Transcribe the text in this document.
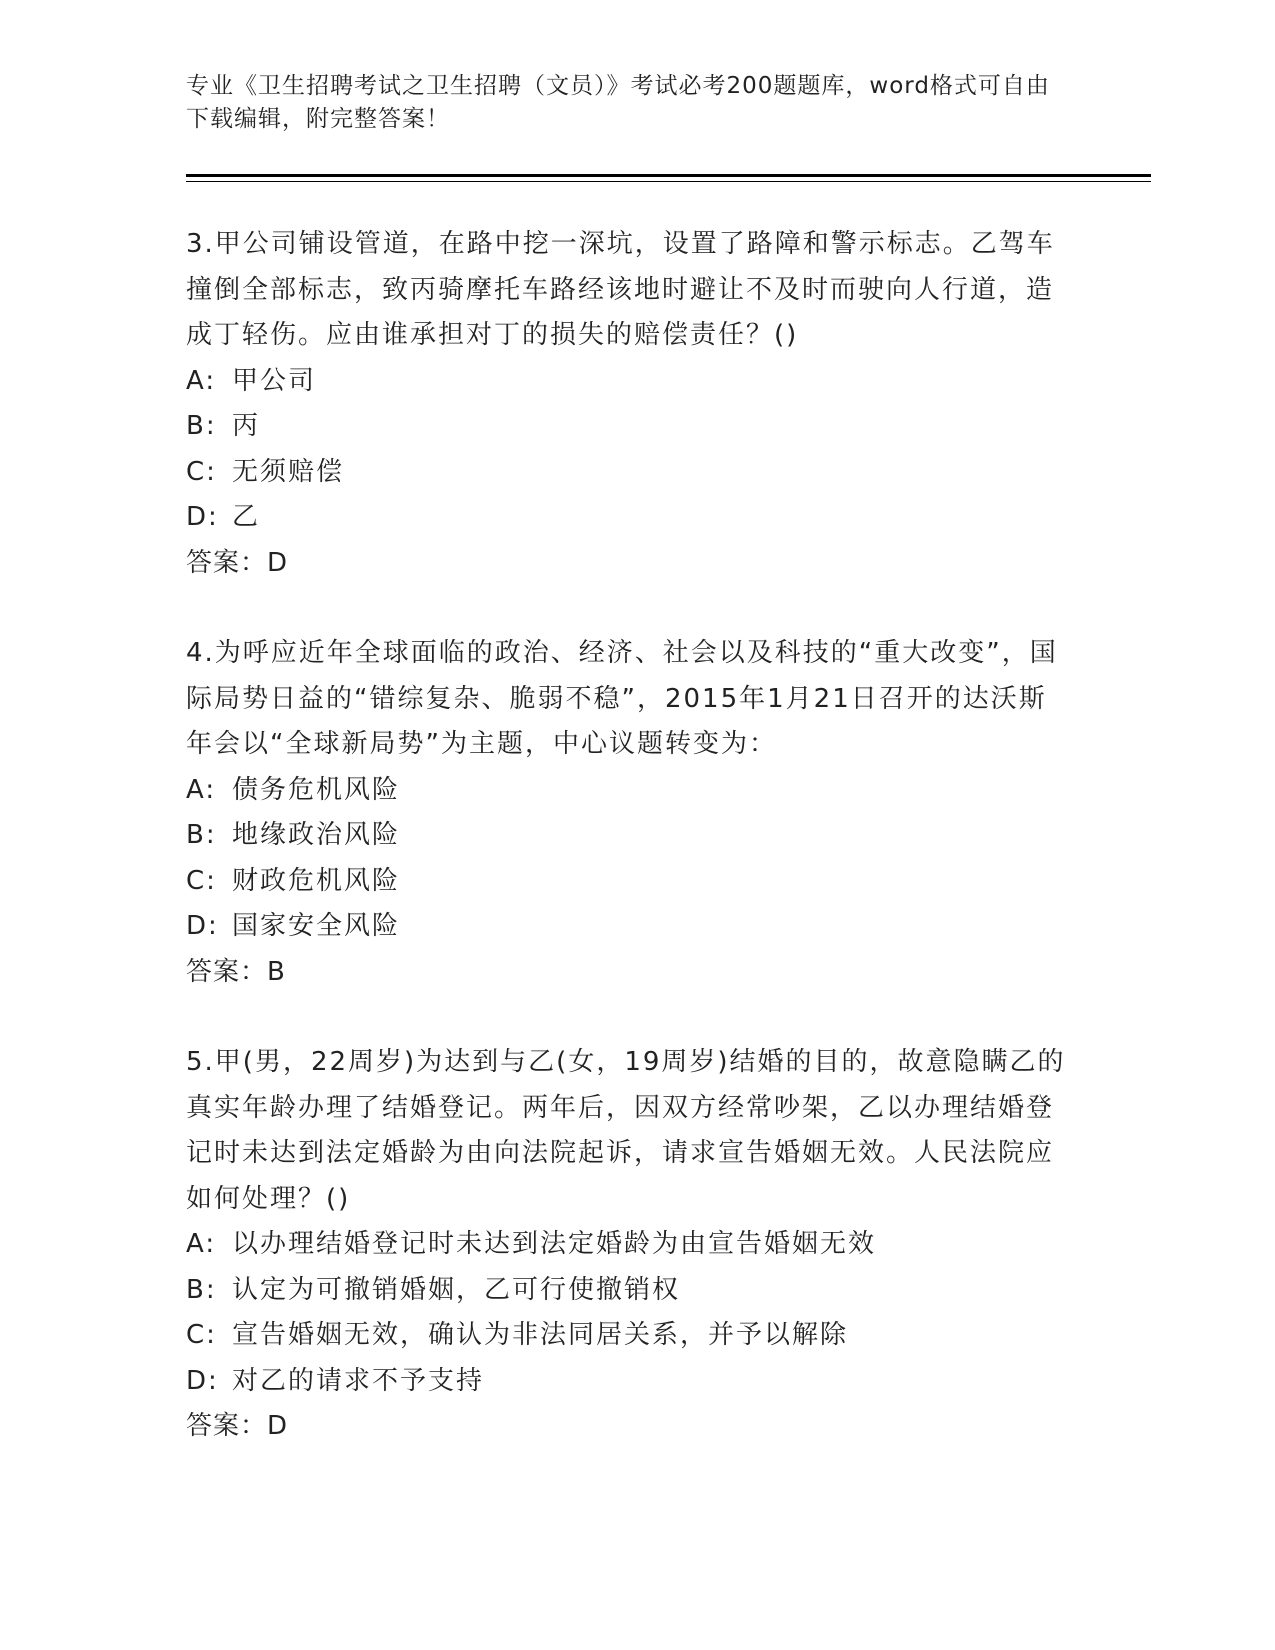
专业《卫生招聘考试之卫生招聘（文员）》考试必考200题题库，word格式可自由下载编辑，附完整答案！

3.甲公司铺设管道，在路中挖一深坑，设置了路障和警示标志。乙驾车撞倒全部标志，致丙骑摩托车路经该地时避让不及时而驶向人行道，造成丁轻伤。应由谁承担对丁的损失的赔偿责任？()

A: 甲公司

B: 丙

C: 无须赔偿

D: 乙

答案：D

4.为呼应近年全球面临的政治、经济、社会以及科技的“重大改变”，国际局势日益的“错综复杂、脆弱不稳”，2015年1月21日召开的达沃斯年会以“全球新局势”为主题，中心议题转变为：

A: 债务危机风险

B: 地缘政治风险

C: 财政危机风险

D: 国家安全风险

答案：B

5.甲(男，22周岁)为达到与乙(女，19周岁)结婚的目的，故意隐瞒乙的真实年龄办理了结婚登记。两年后，因双方经常吵架，乙以办理结婚登记时未达到法定婚龄为由向法院起诉，请求宣告婚姻无效。人民法院应如何处理？()

A: 以办理结婚登记时未达到法定婚龄为由宣告婚姻无效

B: 认定为可撤销婚姻，乙可行使撤销权

C: 宣告婚姻无效，确认为非法同居关系，并予以解除

D: 对乙的请求不予支持

答案：D
